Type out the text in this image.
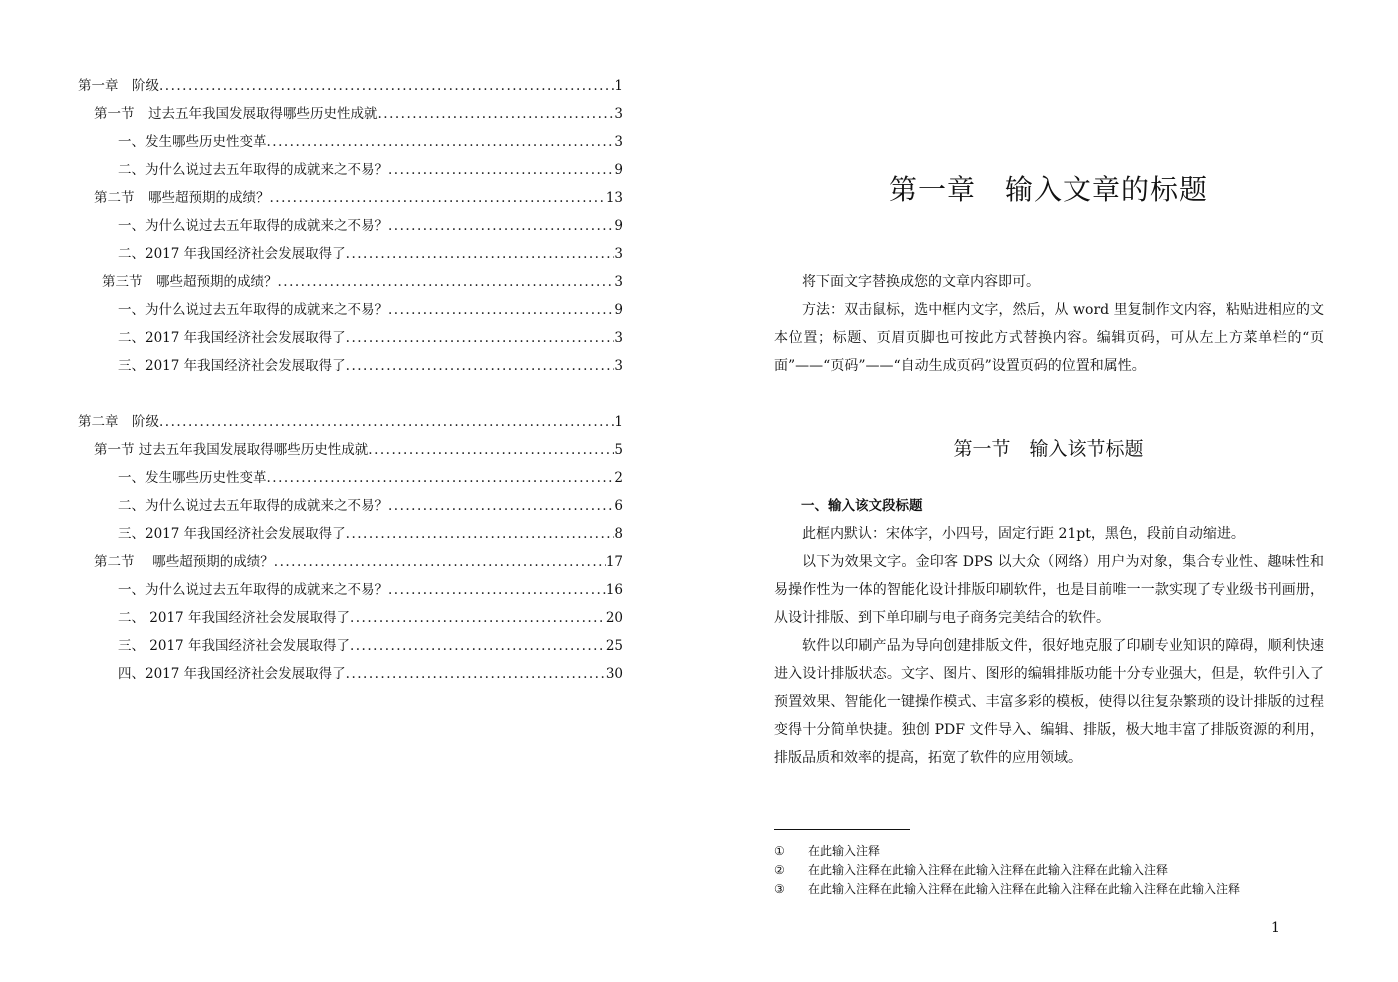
第一章　阶级 .....	1
第一节　过去五年我国发展取得哪些历史性成就 .....	3
一、发生哪些历史性变革 .....	3
二、为什么说过去五年取得的成就来之不易？ .....	9
第二节　哪些超预期的成绩？ .....	13
一、为什么说过去五年取得的成就来之不易？ .....	9
二、2017 年我国经济社会发展取得了 .....	3
第三节　哪些超预期的成绩？ .....	3
一、为什么说过去五年取得的成就来之不易？ .....	9
二、2017 年我国经济社会发展取得了 .....	3
三、2017 年我国经济社会发展取得了 .....	3
第二章　阶级 .....	1
第一节 过去五年我国发展取得哪些历史性成就 .....	5
一、发生哪些历史性变革 .....	2
二、为什么说过去五年取得的成就来之不易？ .....	6
三、2017 年我国经济社会发展取得了 .....	8
第二节　 哪些超预期的成绩？ .....	17
一、为什么说过去五年取得的成就来之不易？ .....	16
二、 2017 年我国经济社会发展取得了 .....	20
三、 2017 年我国经济社会发展取得了 .....	25
四、2017 年我国经济社会发展取得了 .....	30
第一章　输入文章的标题
第一节　输入该节标题

将下面文字替换成您的文章内容即可。

方法：双击鼠标，选中框内文字，然后，从 word 里复制作文内容，粘贴进相应的文本位置；标题、页眉页脚也可按此方式替换内容。编辑页码，可从左上方菜单栏的“页面”——“页码”——“自动生成页码”设置页码的位置和属性。

一、输入该文段标题

此框内默认：宋体字，小四号，固定行距 21pt，黑色，段前自动缩进。

以下为效果文字。金印客 DPS 以大众（网络）用户为对象，集合专业性、趣味性和易操作性为一体的智能化设计排版印刷软件，也是目前唯一一款实现了专业级书刊画册，从设计排版、到下单印刷与电子商务完美结合的软件。

软件以印刷产品为导向创建排版文件，很好地克服了印刷专业知识的障碍，顺利快速进入设计排版状态。文字、图片、图形的编辑排版功能十分专业强大，但是，软件引入了预置效果、智能化一键操作模式、丰富多彩的模板，使得以往复杂繁琐的设计排版的过程变得十分简单快捷。独创 PDF 文件导入、编辑、排版，极大地丰富了排版资源的利用，排版品质和效率的提高，拓宽了软件的应用领域。

①	在此输入注释
②	在此输入注释在此输入注释在此输入注释在此输入注释在此输入注释
③	在此输入注释在此输入注释在此输入注释在此输入注释在此输入注释在此输入注释
1
